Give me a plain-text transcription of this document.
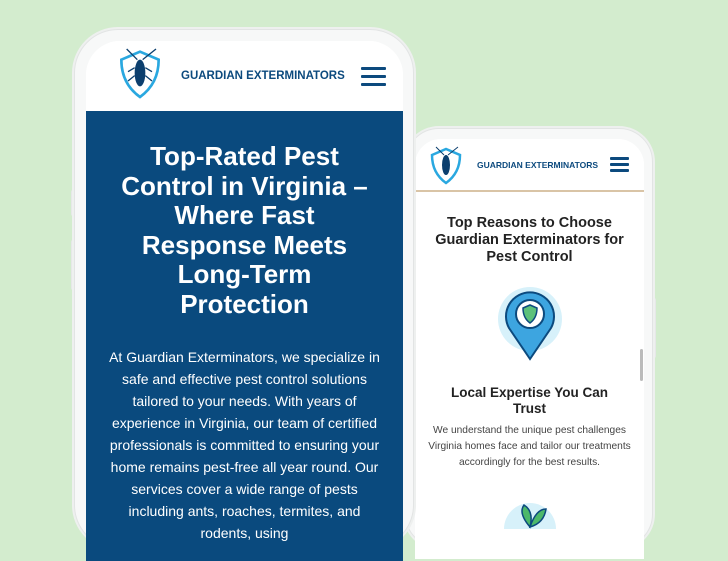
GUARDIAN EXTERMINATORS
Top Reasons to Choose Guardian Exterminators for Pest Control
Local Expertise You Can Trust

We understand the unique pest challenges Virginia homes face and tailor our treatments accordingly for the best results.

GUARDIAN EXTERMINATORS
Top-Rated Pest Control in Virginia – Where Fast Response Meets Long-Term Protection

At Guardian Exterminators, we specialize in safe and effective pest control solutions tailored to your needs. With years of experience in Virginia, our team of certified professionals is committed to ensuring your home remains pest-free all year round. Our services cover a wide range of pests including ants, roaches, termites, and rodents, using
